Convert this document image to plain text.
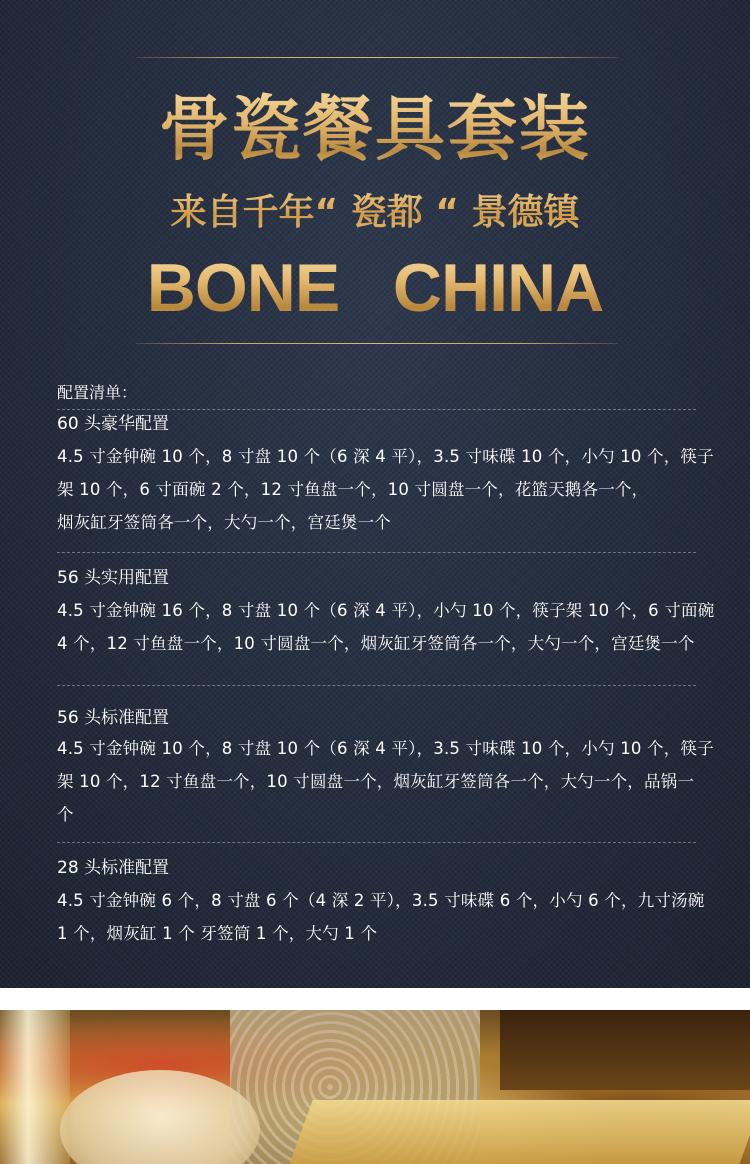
骨瓷餐具套装
来自千年“ 瓷都 “ 景德镇
BONE   CHINA
配置清单：
60 头豪华配置
4.5 寸金钟碗 10 个，8 寸盘 10 个（6 深 4 平），3.5 寸味碟 10 个，小勺 10 个，筷子
架 10 个，6 寸面碗 2 个，12 寸鱼盘一个，10 寸圆盘一个，花篮天鹅各一个，
烟灰缸牙签筒各一个，大勺一个，宫廷煲一个
56 头实用配置
4.5 寸金钟碗 16 个，8 寸盘 10 个（6 深 4 平），小勺 10 个，筷子架 10 个，6 寸面碗
4 个，12 寸鱼盘一个，10 寸圆盘一个，烟灰缸牙签筒各一个，大勺一个，宫廷煲一个
56 头标准配置
4.5 寸金钟碗 10 个，8 寸盘 10 个（6 深 4 平），3.5 寸味碟 10 个，小勺 10 个，筷子
架 10 个，12 寸鱼盘一个，10 寸圆盘一个，烟灰缸牙签筒各一个，大勺一个，品锅一
个
28 头标准配置
4.5 寸金钟碗 6 个，8 寸盘 6 个（4 深 2 平），3.5 寸味碟 6 个，小勺 6 个，九寸汤碗
1 个，烟灰缸 1 个 牙签筒 1 个，大勺 1 个
